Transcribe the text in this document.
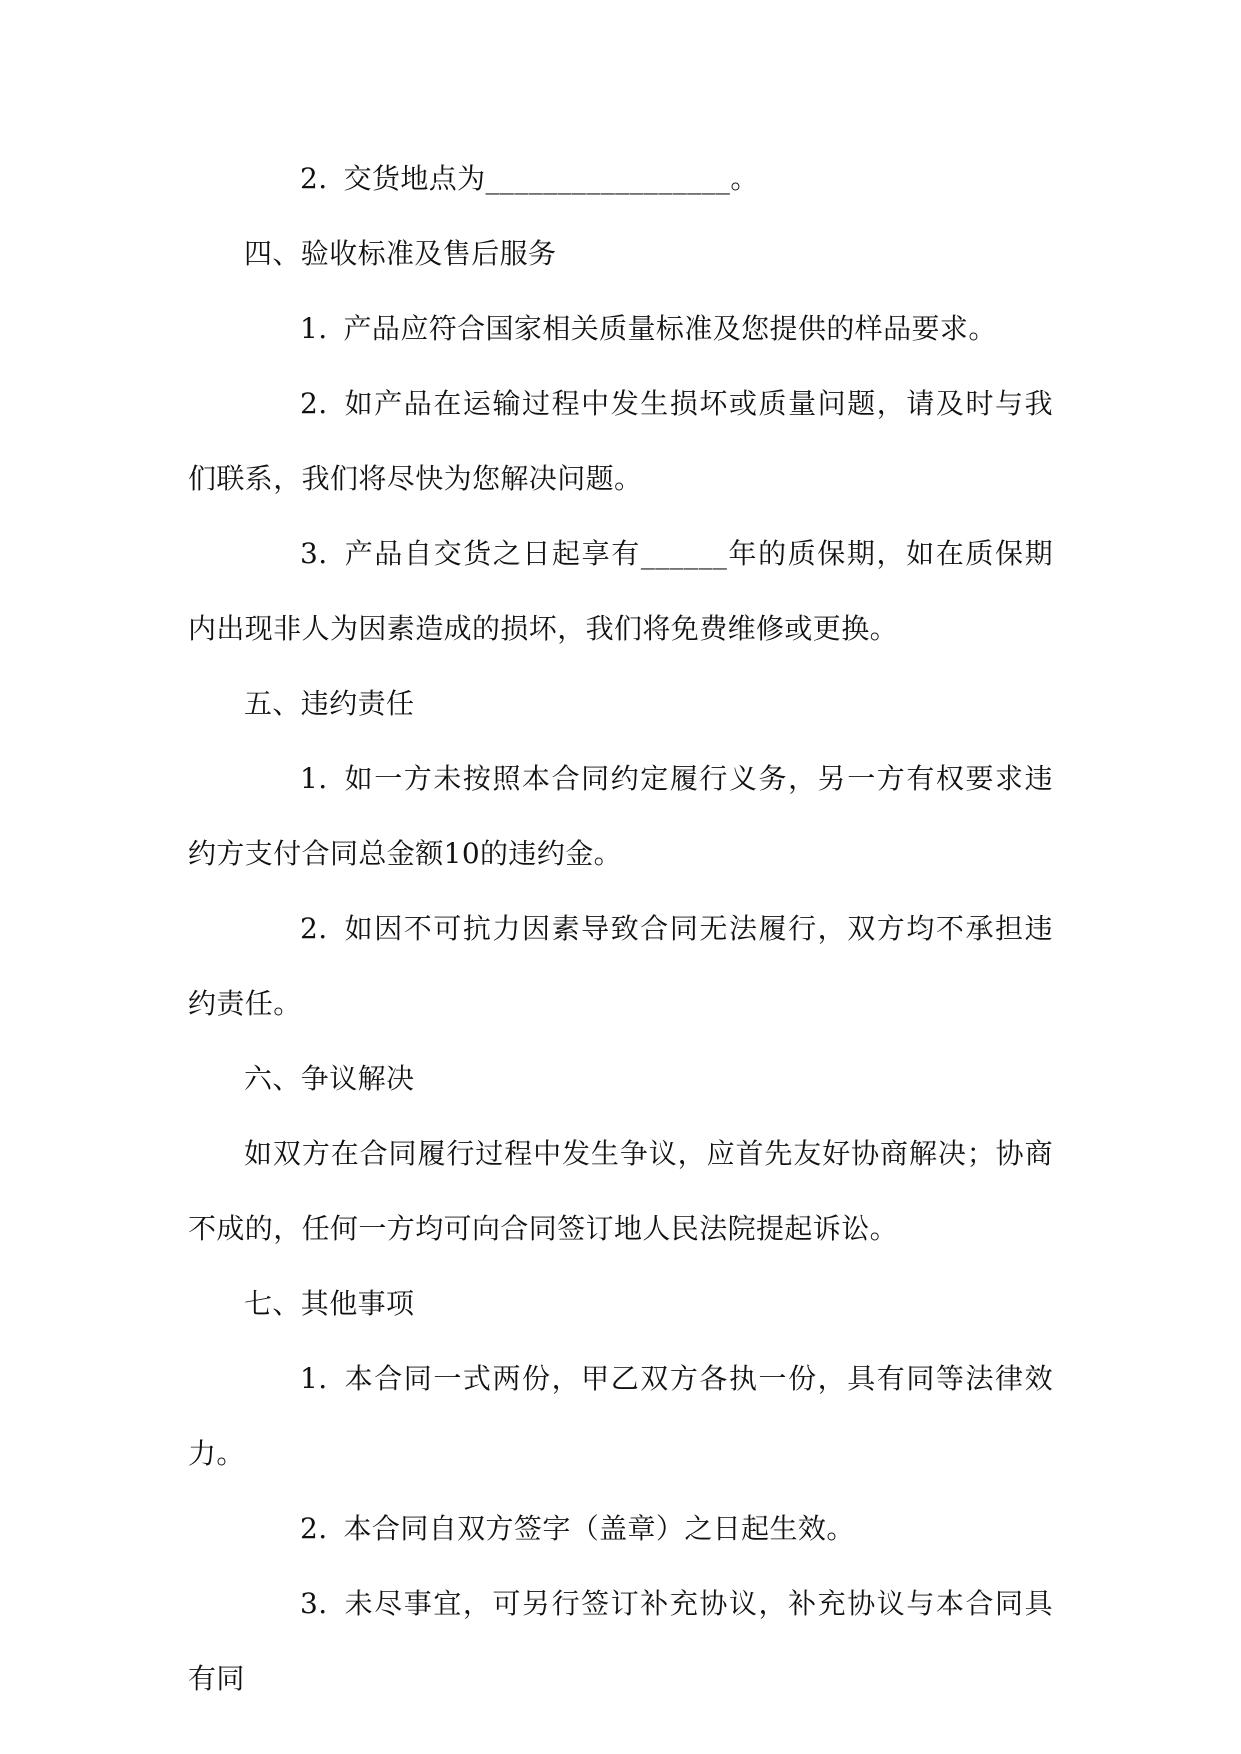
2. 交货地点为_________________。

四、验收标准及售后服务

1. 产品应符合国家相关质量标准及您提供的样品要求。

2. 如产品在运输过程中发生损坏或质量问题，请及时与我们联系，我们将尽快为您解决问题。

3. 产品自交货之日起享有______年的质保期，如在质保期内出现非人为因素造成的损坏，我们将免费维修或更换。

五、违约责任

1. 如一方未按照本合同约定履行义务，另一方有权要求违约方支付合同总金额10的违约金。

2. 如因不可抗力因素导致合同无法履行，双方均不承担违约责任。

六、争议解决

如双方在合同履行过程中发生争议，应首先友好协商解决；协商不成的，任何一方均可向合同签订地人民法院提起诉讼。

七、其他事项

1. 本合同一式两份，甲乙双方各执一份，具有同等法律效力。

2. 本合同自双方签字（盖章）之日起生效。

3. 未尽事宜，可另行签订补充协议，补充协议与本合同具有同
